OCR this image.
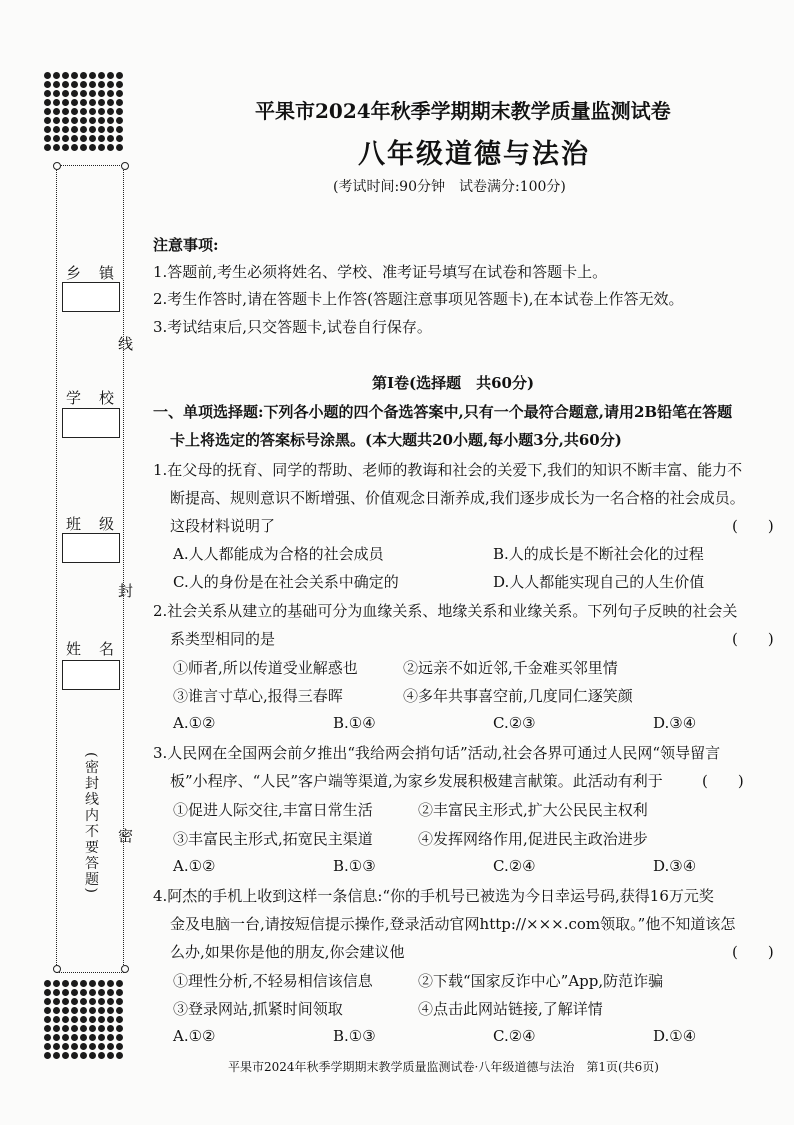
乡镇
线
学校
班级
封
姓名
(密封线内不要答题) 密
平果市2024年秋季学期期末教学质量监测试卷
八年级道德与法治
(考试时间:90分钟　试卷满分:100分)
注意事项:
1.答题前,考生必须将姓名、学校、准考证号填写在试卷和答题卡上。
2.考生作答时,请在答题卡上作答(答题注意事项见答题卡),在本试卷上作答无效。
3.考试结束后,只交答题卡,试卷自行保存。
第Ⅰ卷(选择题　共60分)
一、单项选择题:下列各小题的四个备选答案中,只有一个最符合题意,请用2B铅笔在答题
卡上将选定的答案标号涂黑。(本大题共20小题,每小题3分,共60分)
1.在父母的抚育、同学的帮助、老师的教诲和社会的关爱下,我们的知识不断丰富、能力不
断提高、规则意识不断增强、价值观念日渐养成,我们逐步成长为一名合格的社会成员。
这段材料说明了	(　　)
A.人人都能成为合格的社会成员	B.人的成长是不断社会化的过程
C.人的身份是在社会关系中确定的	D.人人都能实现自己的人生价值
2.社会关系从建立的基础可分为血缘关系、地缘关系和业缘关系。下列句子反映的社会关
系类型相同的是	(　　)
①师者,所以传道受业解惑也	②远亲不如近邻,千金难买邻里情
③谁言寸草心,报得三春晖	④多年共事喜空前,几度同仁逐笑颜
A.①②	B.①④	C.②③	D.③④
3.人民网在全国两会前夕推出“我给两会捎句话”活动,社会各界可通过人民网“领导留言
板”小程序、“人民”客户端等渠道,为家乡发展积极建言献策。此活动有利于	(　　)
①促进人际交往,丰富日常生活	②丰富民主形式,扩大公民民主权利
③丰富民主形式,拓宽民主渠道	④发挥网络作用,促进民主政治进步
A.①②	B.①③	C.②④	D.③④
4.阿杰的手机上收到这样一条信息:“你的手机号已被选为今日幸运号码,获得16万元奖
金及电脑一台,请按短信提示操作,登录活动官网http://×××.com领取。”他不知道该怎
么办,如果你是他的朋友,你会建议他	(　　)
①理性分析,不轻易相信该信息	②下载“国家反诈中心”App,防范诈骗
③登录网站,抓紧时间领取	④点击此网站链接,了解详情
A.①②	B.①③	C.②④	D.①④
平果市2024年秋季学期期末教学质量监测试卷·八年级道德与法治　第1页(共6页)
